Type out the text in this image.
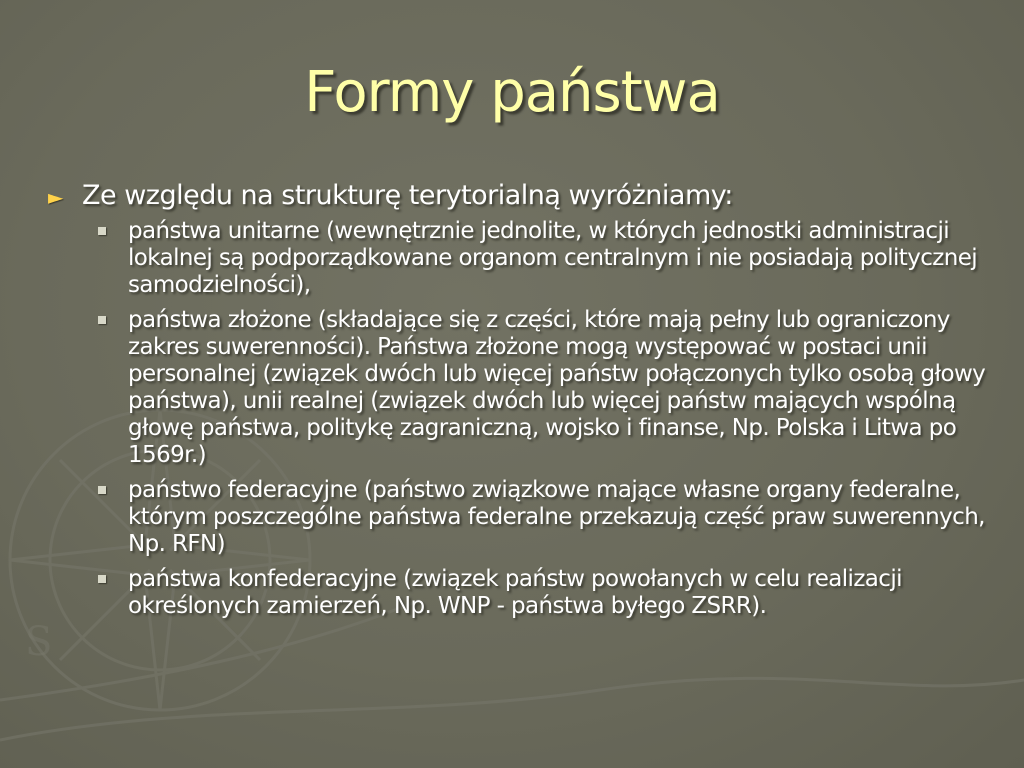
S
Formy państwa
► Ze względu na strukturę terytorialną wyróżniamy:
państwa unitarne (wewnętrznie jednolite, w których jednostki administracji lokalnej są podporządkowane organom centralnym i nie posiadają politycznej samodzielności),
państwa złożone (składające się z części, które mają pełny lub ograniczony zakres suwerenności). Państwa złożone mogą występować w postaci unii personalnej (związek dwóch lub więcej państw połączonych tylko osobą głowy państwa), unii realnej (związek dwóch lub więcej państw mających wspólną głowę państwa, politykę zagraniczną, wojsko i finanse, Np. Polska i Litwa po 1569r.)
państwo federacyjne (państwo związkowe mające własne organy federalne, którym poszczególne państwa federalne przekazują część praw suwerennych, Np. RFN)
państwa konfederacyjne (związek państw powołanych w celu realizacji określonych zamierzeń, Np. WNP - państwa byłego ZSRR).
